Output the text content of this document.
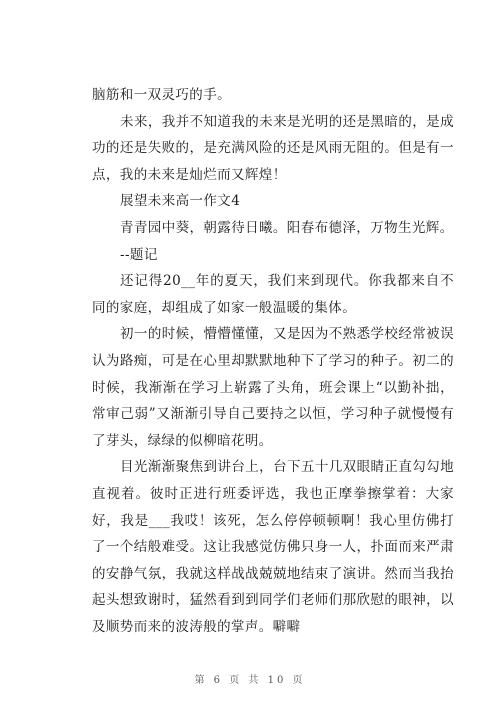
脑筋和一双灵巧的手。

未来，我并不知道我的未来是光明的还是黑暗的，是成功的还是失败的，是充满风险的还是风雨无阻的。但是有一点，我的未来是灿烂而又辉煌！

展望未来高一作文4

青青园中葵，朝露待日曦。阳春布德泽，万物生光辉。

--题记

还记得20__年的夏天，我们来到现代。你我都来自不同的家庭，却组成了如家一般温暖的集体。

初一的时候，懵懵懂懂，又是因为不熟悉学校经常被误认为路痴，可是在心里却默默地种下了学习的种子。初二的时候，我渐渐在学习上崭露了头角，班会课上“以勤补拙，常审己弱”又渐渐引导自己要持之以恒，学习种子就慢慢有了芽头，绿绿的似柳暗花明。

目光渐渐聚焦到讲台上，台下五十几双眼睛正直勾勾地直视着。彼时正进行班委评选，我也正摩拳擦掌着：大家好，我是___我哎！该死，怎么停停顿顿啊！我心里仿佛打了一个结般难受。这让我感觉仿佛只身一人，扑面而来严肃的安静气氛，我就这样战战兢兢地结束了演讲。然而当我抬起头想致谢时，猛然看到到同学们老师们那欣慰的眼神，以及顺势而来的波涛般的掌声。噼噼

第 6 页 共 10 页
